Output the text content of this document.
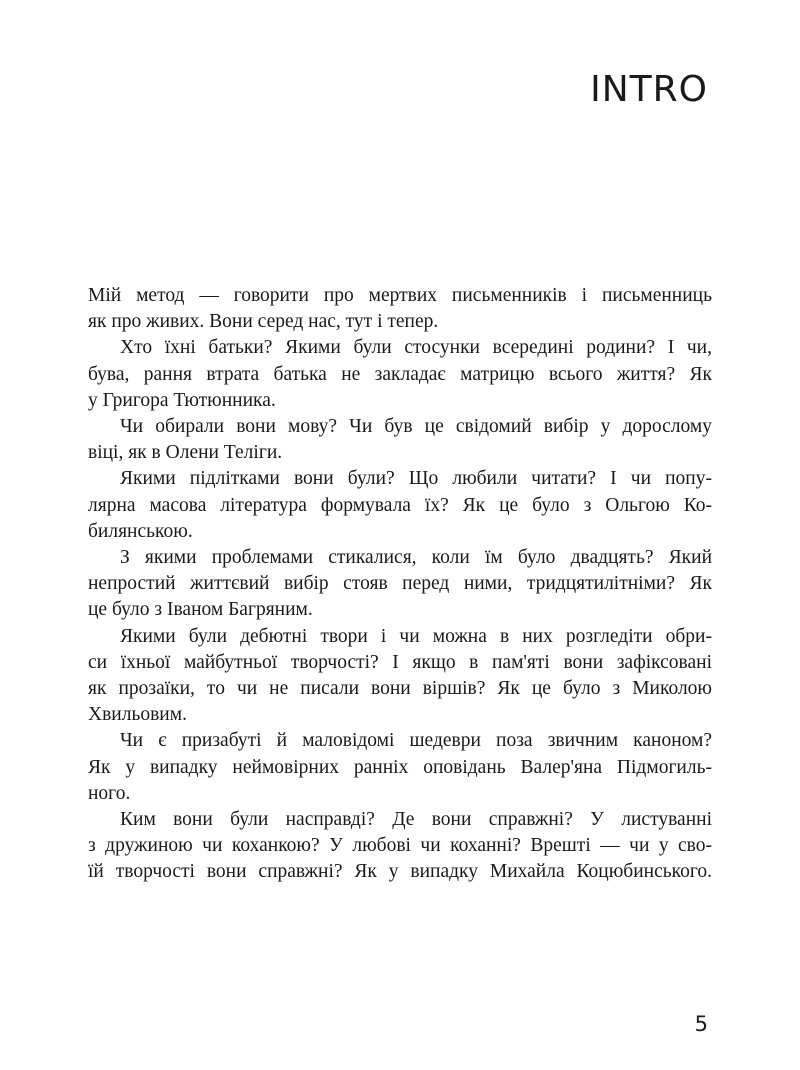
INTRO

Мій метод — говорити про мертвих письменників і письменниць
як про живих. Вони серед нас, тут і тепер.

Хто їхні батьки? Якими були стосунки всередині родини? І чи,
бува, рання втрата батька не закладає матрицю всього життя? Як
у Григора Тютюнника.

Чи обирали вони мову? Чи був це свідомий вибір у дорослому
віці, як в Олени Теліги.

Якими підлітками вони були? Що любили читати? І чи попу-
лярна масова література формувала їх? Як це було з Ольгою Ко-
билянською.

З якими проблемами стикалися, коли їм було двадцять? Який
непростий життєвий вибір стояв перед ними, тридцятилітніми? Як
це було з Іваном Багряним.

Якими були дебютні твори і чи можна в них розгледіти обри-
си їхньої майбутньої творчості? І якщо в пам'яті вони зафіксовані
як прозаїки, то чи не писали вони віршів? Як це було з Миколою
Хвильовим.

Чи є призабуті й маловідомі шедеври поза звичним каноном?
Як у випадку неймовірних ранніх оповідань Валер'яна Підмогиль-
ного.

Ким вони були насправді? Де вони справжні? У листуванні
з дружиною чи коханкою? У любові чи коханні? Врешті — чи у сво-
їй творчості вони справжні? Як у випадку Михайла Коцюбинського.

5
